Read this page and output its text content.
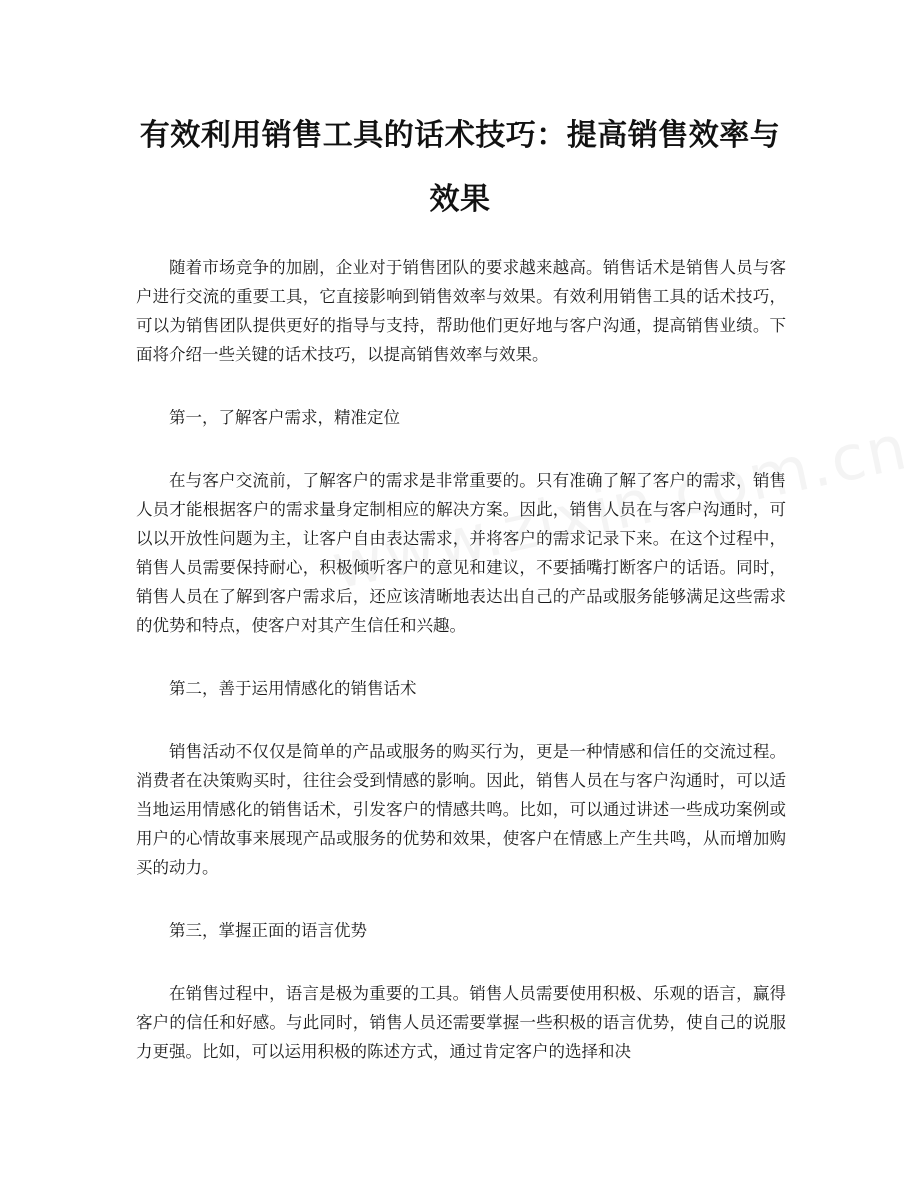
有效利用销售工具的话术技巧：提高销售效率与效果

随着市场竞争的加剧，企业对于销售团队的要求越来越高。销售话术是销售人员与客户进行交流的重要工具，它直接影响到销售效率与效果。有效利用销售工具的话术技巧，可以为销售团队提供更好的指导与支持，帮助他们更好地与客户沟通，提高销售业绩。下面将介绍一些关键的话术技巧，以提高销售效率与效果。

第一，了解客户需求，精准定位

在与客户交流前，了解客户的需求是非常重要的。只有准确了解了客户的需求，销售人员才能根据客户的需求量身定制相应的解决方案。因此，销售人员在与客户沟通时，可以以开放性问题为主，让客户自由表达需求，并将客户的需求记录下来。在这个过程中，销售人员需要保持耐心，积极倾听客户的意见和建议，不要插嘴打断客户的话语。同时，销售人员在了解到客户需求后，还应该清晰地表达出自己的产品或服务能够满足这些需求的优势和特点，使客户对其产生信任和兴趣。

第二，善于运用情感化的销售话术

销售活动不仅仅是简单的产品或服务的购买行为，更是一种情感和信任的交流过程。消费者在决策购买时，往往会受到情感的影响。因此，销售人员在与客户沟通时，可以适当地运用情感化的销售话术，引发客户的情感共鸣。比如，可以通过讲述一些成功案例或用户的心情故事来展现产品或服务的优势和效果，使客户在情感上产生共鸣，从而增加购买的动力。

第三，掌握正面的语言优势

在销售过程中，语言是极为重要的工具。销售人员需要使用积极、乐观的语言，赢得客户的信任和好感。与此同时，销售人员还需要掌握一些积极的语言优势，使自己的说服力更强。比如，可以运用积极的陈述方式，通过肯定客户的选择和决
